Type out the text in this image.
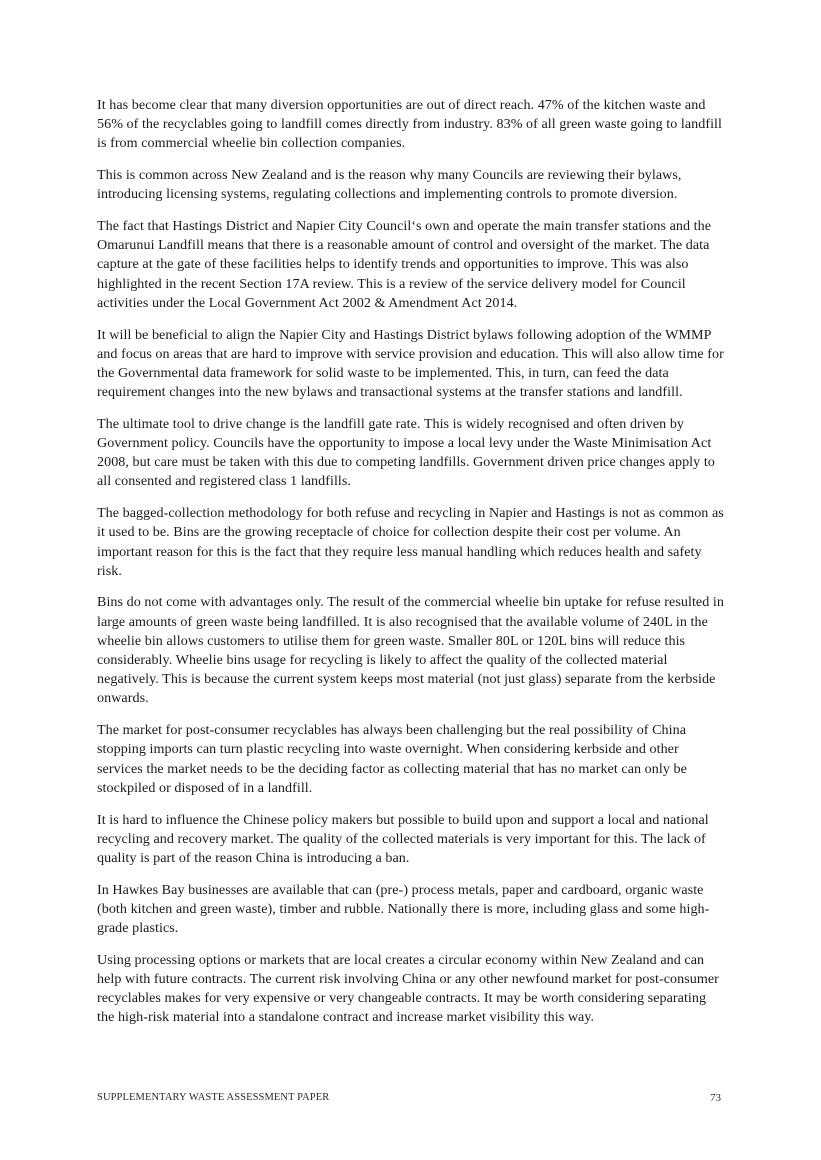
It has become clear that many diversion opportunities are out of direct reach. 47% of the kitchen waste and 56% of the recyclables going to landfill comes directly from industry. 83% of all green waste going to landfill is from commercial wheelie bin collection companies.

This is common across New Zealand and is the reason why many Councils are reviewing their bylaws, introducing licensing systems, regulating collections and implementing controls to promote diversion.

The fact that Hastings District and Napier City Council‘s own and operate the main transfer stations and the Omarunui Landfill means that there is a reasonable amount of control and oversight of the market. The data capture at the gate of these facilities helps to identify trends and opportunities to improve. This was also highlighted in the recent Section 17A review. This is a review of the service delivery model for Council activities under the Local Government Act 2002 & Amendment Act 2014.

It will be beneficial to align the Napier City and Hastings District bylaws following adoption of the WMMP and focus on areas that are hard to improve with service provision and education. This will also allow time for the Governmental data framework for solid waste to be implemented. This, in turn, can feed the data requirement changes into the new bylaws and transactional systems at the transfer stations and landfill.

The ultimate tool to drive change is the landfill gate rate. This is widely recognised and often driven by Government policy. Councils have the opportunity to impose a local levy under the Waste Minimisation Act 2008, but care must be taken with this due to competing landfills. Government driven price changes apply to all consented and registered class 1 landfills.

The bagged-collection methodology for both refuse and recycling in Napier and Hastings is not as common as it used to be. Bins are the growing receptacle of choice for collection despite their cost per volume. An important reason for this is the fact that they require less manual handling which reduces health and safety risk.

Bins do not come with advantages only. The result of the commercial wheelie bin uptake for refuse resulted in large amounts of green waste being landfilled. It is also recognised that the available volume of 240L in the wheelie bin allows customers to utilise them for green waste. Smaller 80L or 120L bins will reduce this considerably. Wheelie bins usage for recycling is likely to affect the quality of the collected material negatively. This is because the current system keeps most material (not just glass) separate from the kerbside onwards.

The market for post-consumer recyclables has always been challenging but the real possibility of China stopping imports can turn plastic recycling into waste overnight. When considering kerbside and other services the market needs to be the deciding factor as collecting material that has no market can only be stockpiled or disposed of in a landfill.

It is hard to influence the Chinese policy makers but possible to build upon and support a local and national recycling and recovery market. The quality of the collected materials is very important for this. The lack of quality is part of the reason China is introducing a ban.

In Hawkes Bay businesses are available that can (pre-) process metals, paper and cardboard, organic waste (both kitchen and green waste), timber and rubble. Nationally there is more, including glass and some high-grade plastics.

Using processing options or markets that are local creates a circular economy within New Zealand and can help with future contracts. The current risk involving China or any other newfound market for post-consumer recyclables makes for very expensive or very changeable contracts. It may be worth considering separating the high-risk material into a standalone contract and increase market visibility this way.

SUPPLEMENTARY WASTE ASSESSMENT PAPER	73
